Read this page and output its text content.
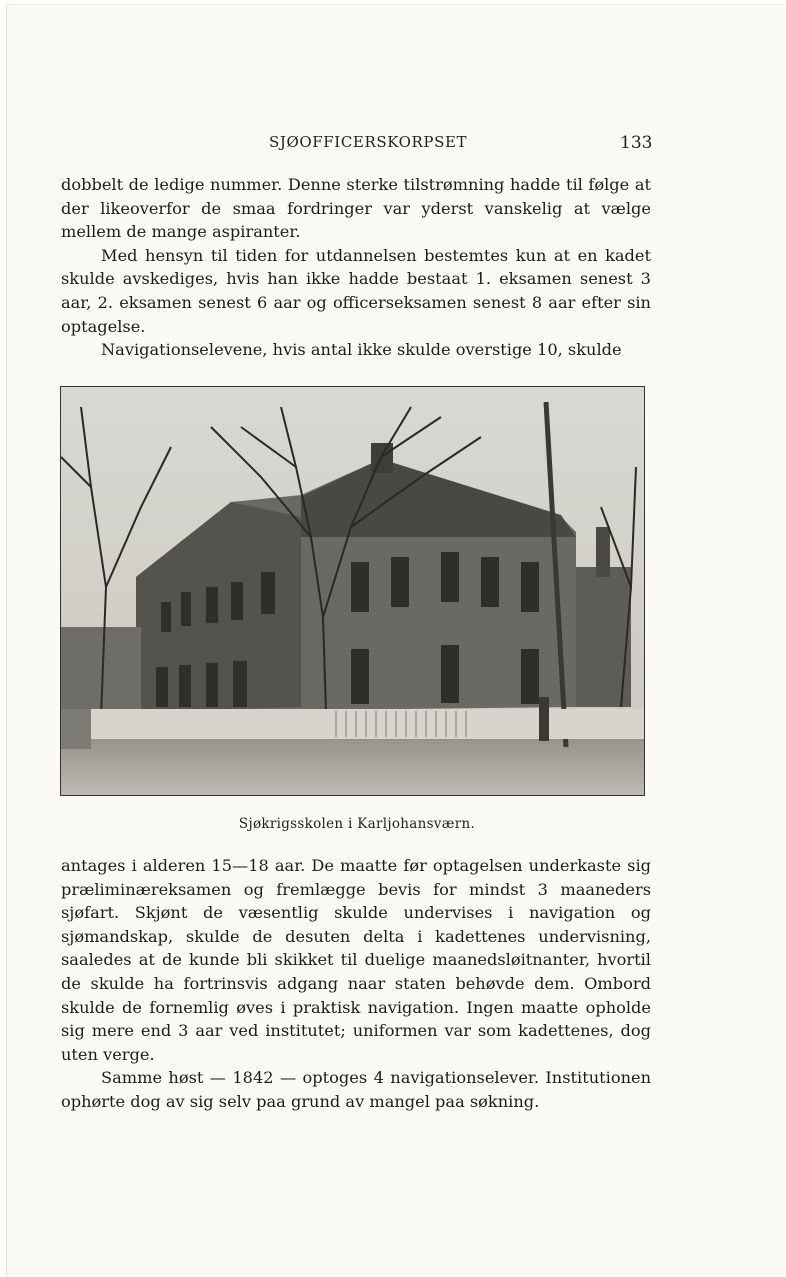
SJØOFFICERSKORPSET	133

dobbelt de ledige nummer. Denne sterke tilstrømning hadde til følge at der likeoverfor de smaa fordringer var yderst vanskelig at vælge mellem de mange aspiranter.

Med hensyn til tiden for utdannelsen bestemtes kun at en kadet skulde avskediges, hvis han ikke hadde bestaat 1. eksamen senest 3 aar, 2. eksamen senest 6 aar og officerseksamen senest 8 aar efter sin optagelse.

Navigationselevene, hvis antal ikke skulde overstige 10, skulde

Sjøkrigsskolen i Karljohansværn.

antages i alderen 15—18 aar. De maatte før optagelsen underkaste sig præliminæreksamen og fremlægge bevis for mindst 3 maaneders sjøfart. Skjønt de væsentlig skulde undervises i navigation og sjømandskap, skulde de desuten delta i kadettenes undervisning, saaledes at de kunde bli skikket til duelige maanedsløitnanter, hvortil de skulde ha fortrinsvis adgang naar staten behøvde dem. Ombord skulde de fornemlig øves i praktisk navigation. Ingen maatte opholde sig mere end 3 aar ved institutet; uniformen var som kadettenes, dog uten verge.

Samme høst — 1842 — optoges 4 navigationselever. Institutionen ophørte dog av sig selv paa grund av mangel paa søkning.
